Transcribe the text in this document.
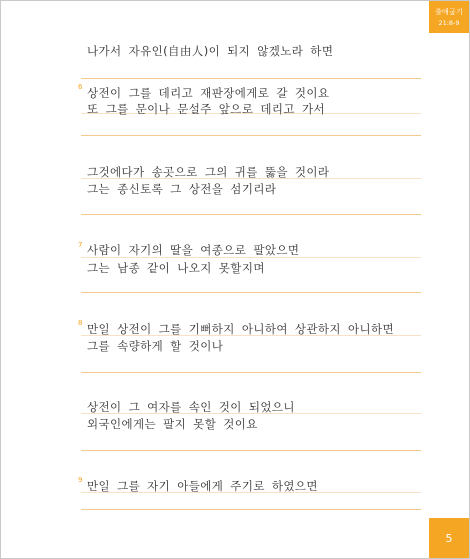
출애굽기
21:8-9
나가서 자유인(自由人)이 되지 않겠노라 하면
6 상전이 그를 데리고 재판장에게로 갈 것이요
또 그를 문이나 문설주 앞으로 데리고 가서
그것에다가 송곳으로 그의 귀를 뚫을 것이라
그는 종신토록 그 상전을 섬기리라
7 사람이 자기의 딸을 여종으로 팔았으면
그는 남종 같이 나오지 못할지며
8 만일 상전이 그를 기뻐하지 아니하여 상관하지 아니하면
그를 속량하게 할 것이나
상전이 그 여자를 속인 것이 되었으니
외국인에게는 팔지 못할 것이요
9 만일 그를 자기 아들에게 주기로 하였으면
5
